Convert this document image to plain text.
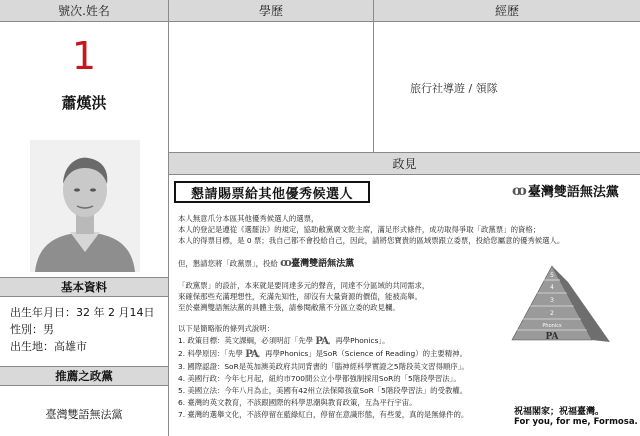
號次.姓名	學歷	經歷
1
蕭熯洪
基本資料
出生年月日：32 年 2 月14日
性別：男
出生地：高雄市
推薦之政黨
臺灣雙語無法黨
旅行社導遊 / 領隊
政見
懇請賜票給其他優秀候選人	ꝏ 臺灣雙語無法黨
本人無意爪分本區其他優秀候選人的選票，
本人的登記是遵從《選罷法》的規定，協助敝黨廣文乾主席，滿足形式條件，成功取得爭取「政黨票」的資格；
本人的得票目標，是 0 票；我自己都不會投給自己，因此，請將您寶貴的區域票跟立委票，投給您屬意的優秀候選人。
但，懇請您將「政黨票」，投給 ꝏ 臺灣雙語無法黨
「政黨票」的設計，本來就是要同達多元的聲音，同達不分區域的共同需求，
來確保那些充滿理想性，充滿先知性，卻沒有大量資源的價值，能被高舉。
至於臺灣雙語無法黨的具體主張，請參閱敝黨不分區立委的政見欄。
以下是簡略版的條列式說明：
1. 政策目標：英文課綱，必須明訂「先學 PA，再學Phonics」。
2. 科學原因：「先學 PA，再學Phonics」是SoR（Science of Reading）的主要精神。
3. 國際認證：SoR是英加澳美政府共同背書的「腦神經科學實證之5階段英文習得順序」。
4. 美國行政：今年七月起，紐約市700間公立小學都強制採用SoR的「5階段學習法」。
5. 美國立法：今年八月為止，美國有42州立法保障孩童SoR「5階段學習法」的受教權。
6. 臺灣的英文教育，不該跟國際的科學思潮與教育政策，互為平行宇宙。
7. 臺灣的選舉文化，不該停留在藍綠紅白，停留在意識形態，有些愛，真的是無條件的。
5
4
3
2
Phonics
PA
祝福閣家；祝福臺灣。
For you, for me, Formosa.
